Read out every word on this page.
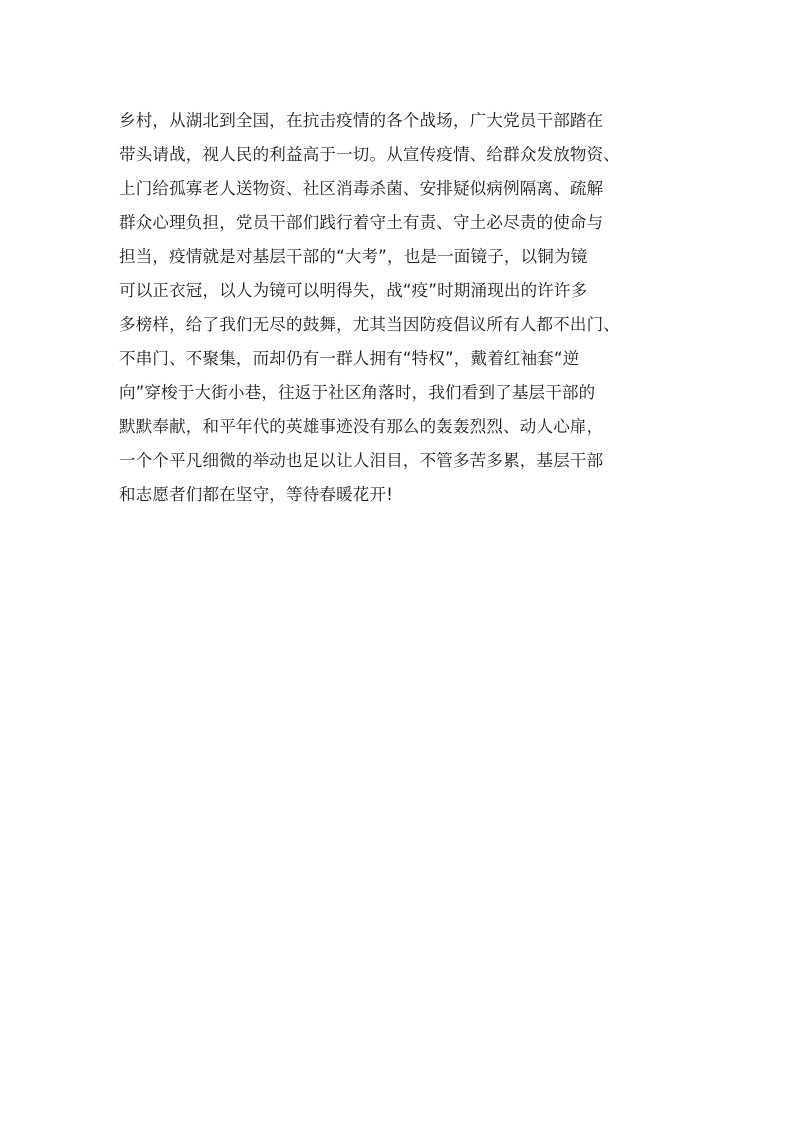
乡村，从湖北到全国，在抗击疫情的各个战场，广大党员干部踏在
带头请战，视人民的利益高于一切。从宣传疫情、给群众发放物资、
上门给孤寡老人送物资、社区消毒杀菌、安排疑似病例隔离、疏解
群众心理负担，党员干部们践行着守土有责、守土必尽责的使命与
担当，疫情就是对基层干部的“大考”，也是一面镜子，以铜为镜
可以正衣冠，以人为镜可以明得失，战“疫”时期涌现出的许许多
多榜样，给了我们无尽的鼓舞，尤其当因防疫倡议所有人都不出门、
不串门、不聚集，而却仍有一群人拥有“特权”，戴着红袖套“逆
向”穿梭于大街小巷，往返于社区角落时，我们看到了基层干部的
默默奉献，和平年代的英雄事迹没有那么的轰轰烈烈、动人心扉，
一个个平凡细微的举动也足以让人泪目，不管多苦多累，基层干部
和志愿者们都在坚守，等待春暖花开!
